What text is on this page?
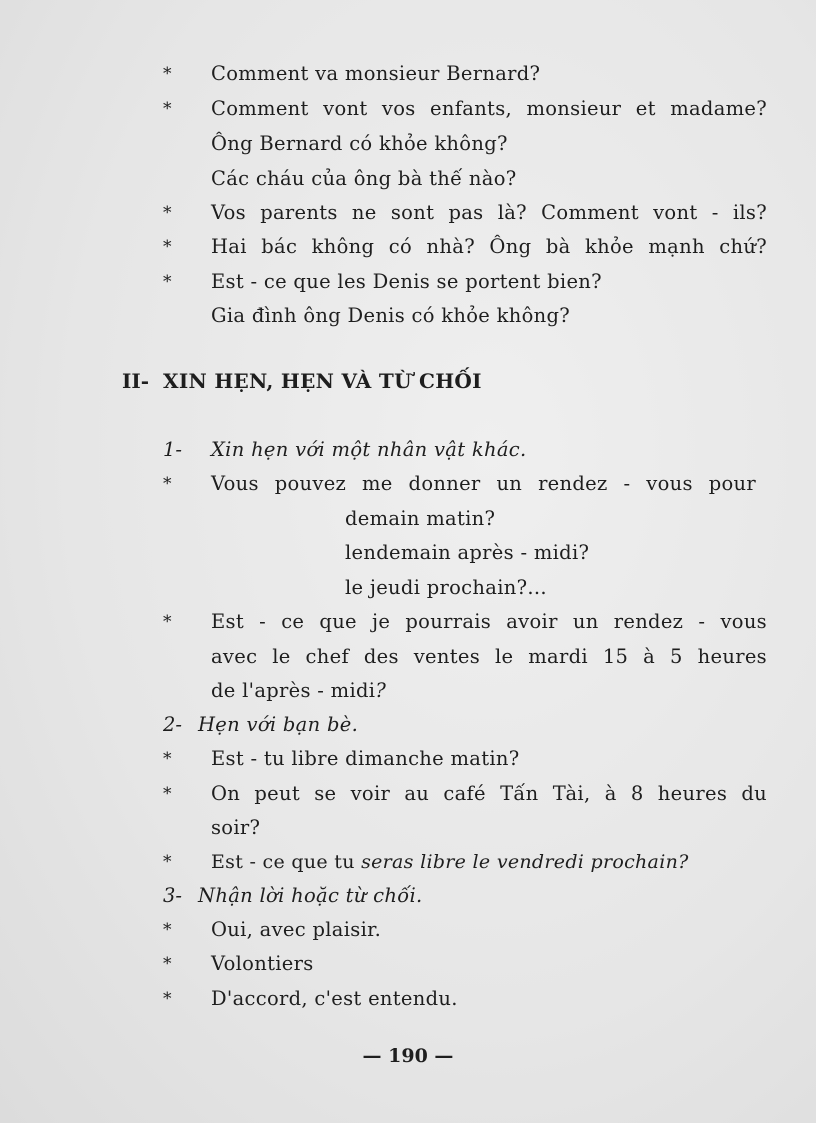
* Comment va monsieur Bernard?
* Comment vont vos enfants, monsieur et madame?
Ông Bernard có khỏe không?
Các cháu của ông bà thế nào?
* Vos parents ne sont pas là? Comment vont - ils?
* Hai bác không có nhà? Ông bà khỏe mạnh chứ?
* Est - ce que les Denis se portent bien?
Gia đình ông Denis có khỏe không?
II- XIN HẸN, HẸN VÀ TỪ CHỐI
1- Xin hẹn với một nhân vật khác.
* Vous pouvez me donner un rendez - vous pour
demain matin?
lendemain après - midi?
le jeudi prochain?...
* Est - ce que je pourrais avoir un rendez - vous
avec le chef des ventes le mardi 15 à 5 heures
de l'après - midi?
2- Hẹn với bạn bè.
* Est - tu libre dimanche matin?
* On peut se voir au café Tấn Tài, à 8 heures du
soir?
* Est - ce que tu seras libre le vendredi prochain?
3- Nhận lời hoặc từ chối.
* Oui, avec plaisir.
* Volontiers
* D'accord, c'est entendu.
— 190 —
